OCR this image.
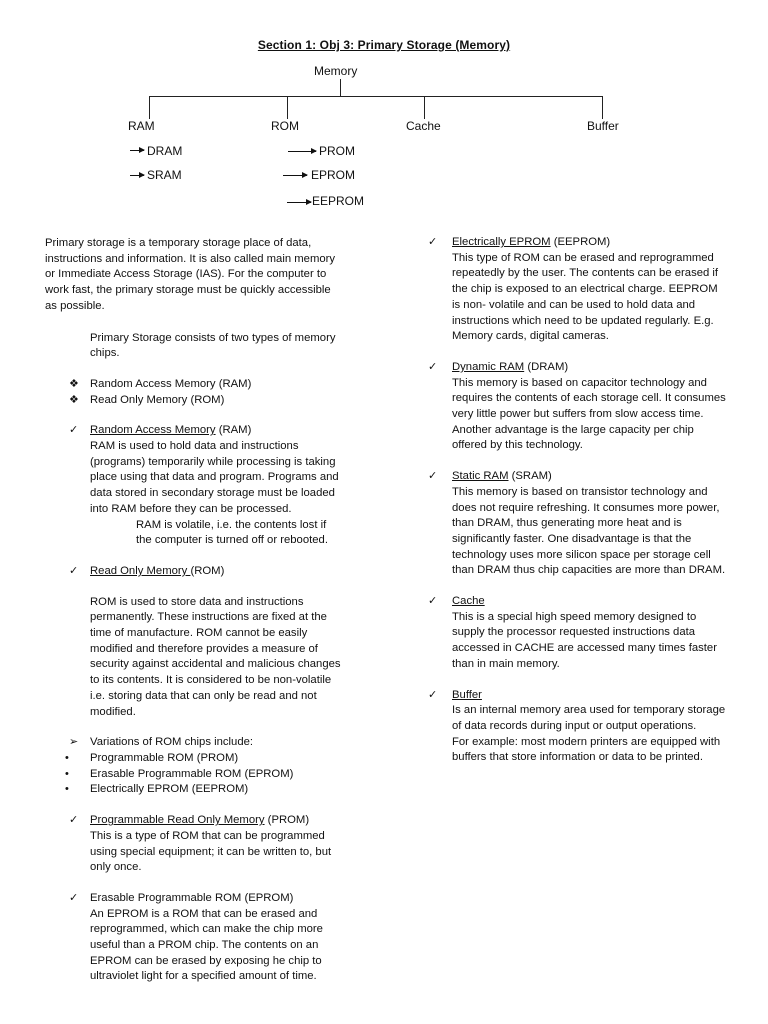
Section 1: Obj 3: Primary Storage (Memory)
Memory
RAM	ROM	Cache	Buffer
DRAM
SRAM
PROM
EPROM
EEPROM

Primary storage is a temporary storage place of data, instructions and information. It is also called main memory or Immediate Access Storage (IAS). For the computer to work fast, the primary storage must be quickly accessible as possible.

Primary Storage consists of two types of memory chips.

❖ Random Access Memory (RAM)
❖ Read Only Memory (ROM)
✓	Random Access Memory (RAM)

RAM is used to hold data and instructions (programs) temporarily while processing is taking place using that data and program. Programs and data stored in secondary storage must be loaded into RAM before they can be processed.

RAM is volatile, i.e. the contents lost if the computer is turned off or rebooted.

✓	Read Only Memory (ROM)

ROM is used to store data and instructions permanently. These instructions are fixed at the time of manufacture. ROM cannot be easily modified and therefore provides a measure of security against accidental and malicious changes to its contents. It is considered to be non-volatile i.e. storing data that can only be read and not modified.

➢	Variations of ROM chips include:
•	Programmable ROM (PROM)
•	Erasable Programmable ROM (EPROM)
•	Electrically EPROM (EEPROM)
✓	Programmable Read Only Memory (PROM)

This is a type of ROM that can be programmed using special equipment; it can be written to, but only once.

✓	Erasable Programmable ROM (EPROM)

An EPROM is a ROM that can be erased and reprogrammed, which can make the chip more useful than a PROM chip. The contents on an EPROM can be erased by exposing he chip to ultraviolet light for a specified amount of time.

✓	Electrically EPROM (EEPROM)

This type of ROM can be erased and reprogrammed repeatedly by the user. The contents can be erased if the chip is exposed to an electrical charge. EEPROM is non- volatile and can be used to hold data and instructions which need to be updated regularly. E.g. Memory cards, digital cameras.

✓	Dynamic RAM (DRAM)

This memory is based on capacitor technology and requires the contents of each storage cell. It consumes very little power but suffers from slow access time. Another advantage is the large capacity per chip offered by this technology.

✓	Static RAM (SRAM)

This memory is based on transistor technology and does not require refreshing. It consumes more power, than DRAM, thus generating more heat and is significantly faster. One disadvantage is that the technology uses more silicon space per storage cell than DRAM thus chip capacities are more than DRAM.

✓	Cache

This is a special high speed memory designed to supply the processor requested instructions data accessed in CACHE are accessed many times faster than in main memory.

✓	Buffer

Is an internal memory area used for temporary storage of data records during input or output operations.

For example: most modern printers are equipped with buffers that store information or data to be printed.
